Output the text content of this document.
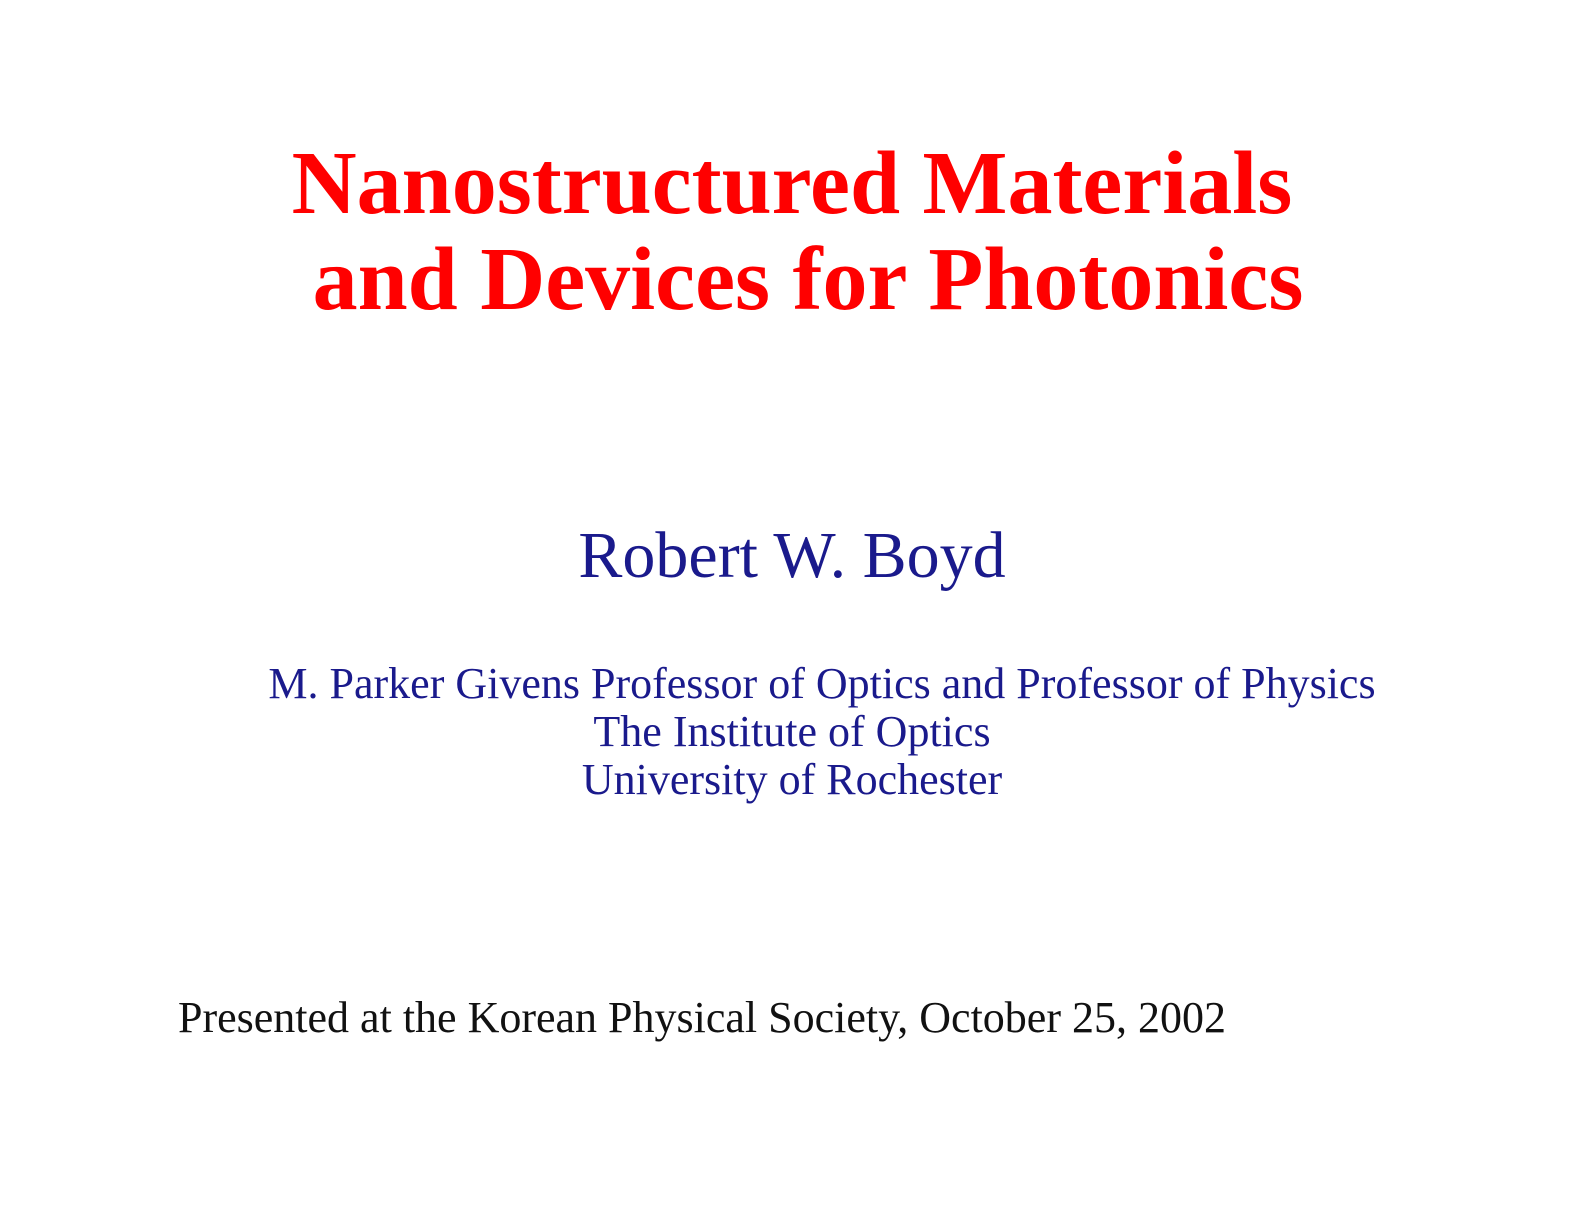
Nanostructured Materials
and Devices for Photonics
Robert W. Boyd
M. Parker Givens Professor of Optics and Professor of Physics
The Institute of Optics
University of Rochester
Presented at the Korean Physical Society, October 25, 2002
